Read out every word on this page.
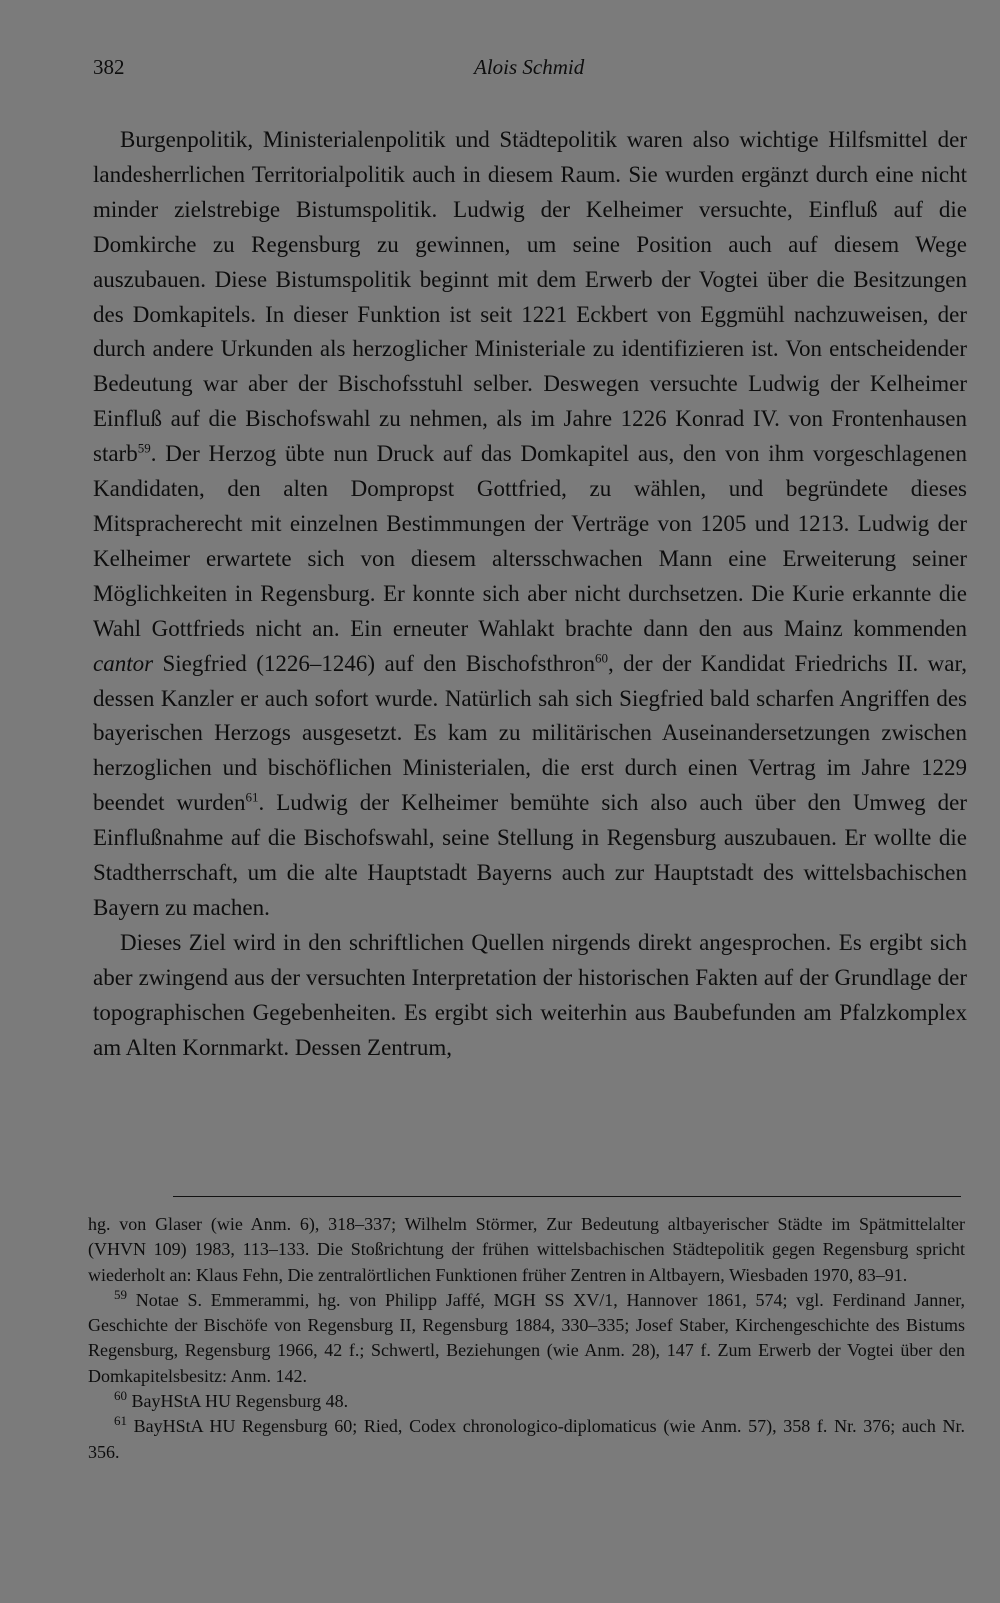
382	Alois Schmid

Burgenpolitik, Ministerialenpolitik und Städtepolitik waren also wichtige Hilfsmittel der landesherrlichen Territorialpolitik auch in diesem Raum. Sie wurden ergänzt durch eine nicht minder zielstrebige Bistumspolitik. Ludwig der Kelheimer versuchte, Einfluß auf die Domkirche zu Regensburg zu gewinnen, um seine Position auch auf diesem Wege auszubauen. Diese Bistumspolitik beginnt mit dem Erwerb der Vogtei über die Besitzungen des Domkapitels. In dieser Funktion ist seit 1221 Eckbert von Eggmühl nachzuweisen, der durch andere Urkunden als herzoglicher Ministeriale zu identifizieren ist. Von entscheidender Bedeutung war aber der Bischofsstuhl selber. Deswegen versuchte Ludwig der Kelheimer Einfluß auf die Bischofswahl zu nehmen, als im Jahre 1226 Konrad IV. von Frontenhausen starb$^{59}$. Der Herzog übte nun Druck auf das Domkapitel aus, den von ihm vorgeschlagenen Kandidaten, den alten Dompropst Gottfried, zu wählen, und begründete dieses Mitspracherecht mit einzelnen Bestimmungen der Verträge von 1205 und 1213. Ludwig der Kelheimer erwartete sich von diesem altersschwachen Mann eine Erweiterung seiner Möglichkeiten in Regensburg. Er konnte sich aber nicht durchsetzen. Die Kurie erkannte die Wahl Gottfrieds nicht an. Ein erneuter Wahlakt brachte dann den aus Mainz kommenden cantor Siegfried (1226–1246) auf den Bischofsthron$^{60}$, der der Kandidat Friedrichs II. war, dessen Kanzler er auch sofort wurde. Natürlich sah sich Siegfried bald scharfen Angriffen des bayerischen Herzogs ausgesetzt. Es kam zu militärischen Auseinandersetzungen zwischen herzoglichen und bischöflichen Ministerialen, die erst durch einen Vertrag im Jahre 1229 beendet wurden$^{61}$. Ludwig der Kelheimer bemühte sich also auch über den Umweg der Einflußnahme auf die Bischofswahl, seine Stellung in Regensburg auszubauen. Er wollte die Stadtherrschaft, um die alte Hauptstadt Bayerns auch zur Hauptstadt des wittelsbachischen Bayern zu machen.

Dieses Ziel wird in den schriftlichen Quellen nirgends direkt angesprochen. Es ergibt sich aber zwingend aus der versuchten Interpretation der historischen Fakten auf der Grundlage der topographischen Gegebenheiten. Es ergibt sich weiterhin aus Baubefunden am Pfalzkomplex am Alten Kornmarkt. Dessen Zentrum,

hg. von Glaser (wie Anm. 6), 318–337; Wilhelm Störmer, Zur Bedeutung altbayerischer Städte im Spätmittelalter (VHVN 109) 1983, 113–133. Die Stoßrichtung der frühen wittelsbachischen Städtepolitik gegen Regensburg spricht wiederholt an: Klaus Fehn, Die zentralörtlichen Funktionen früher Zentren in Altbayern, Wiesbaden 1970, 83–91.

$^{59}$ Notae S. Emmerammi, hg. von Philipp Jaffé, MGH SS XV/1, Hannover 1861, 574; vgl. Ferdinand Janner, Geschichte der Bischöfe von Regensburg II, Regensburg 1884, 330–335; Josef Staber, Kirchengeschichte des Bistums Regensburg, Regensburg 1966, 42 f.; Schwertl, Beziehungen (wie Anm. 28), 147 f. Zum Erwerb der Vogtei über den Domkapitelsbesitz: Anm. 142.

$^{60}$ BayHStA HU Regensburg 48.

$^{61}$ BayHStA HU Regensburg 60; Ried, Codex chronologico-diplomaticus (wie Anm. 57), 358 f. Nr. 376; auch Nr. 356.
